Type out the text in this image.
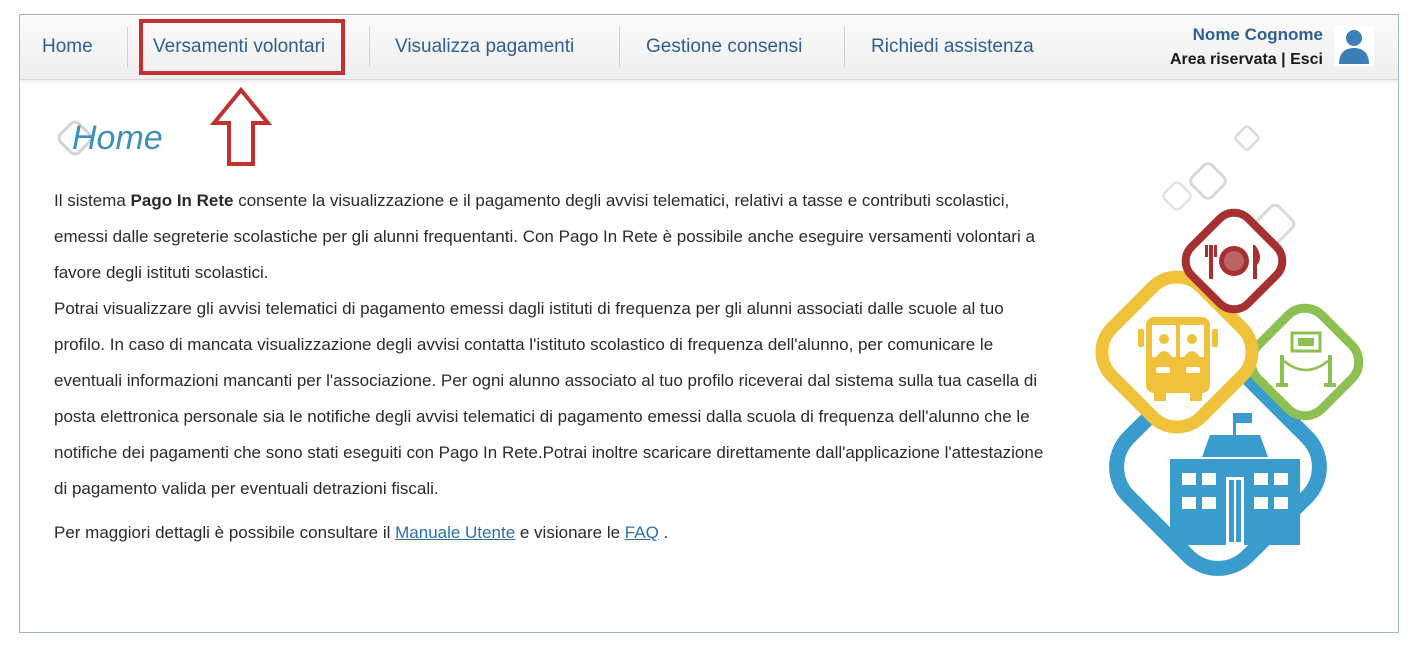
Home	Versamenti volontari	Visualizza pagamenti	Gestione consensi	Richiedi assistenza
Nome Cognome
Area riservata | Esci
Home

Il sistema Pago In Rete consente la visualizzazione e il pagamento degli avvisi telematici, relativi a tasse e contributi scolastici, emessi dalle segreterie scolastiche per gli alunni frequentanti. Con Pago In Rete è possibile anche eseguire versamenti volontari a favore degli istituti scolastici.

Potrai visualizzare gli avvisi telematici di pagamento emessi dagli istituti di frequenza per gli alunni associati dalle scuole al tuo profilo. In caso di mancata visualizzazione degli avvisi contatta l'istituto scolastico di frequenza dell'alunno, per comunicare le eventuali informazioni mancanti per l'associazione. Per ogni alunno associato al tuo profilo riceverai dal sistema sulla tua casella di posta elettronica personale sia le notifiche degli avvisi telematici di pagamento emessi dalla scuola di frequenza dell'alunno che le notifiche dei pagamenti che sono stati eseguiti con Pago In Rete.Potrai inoltre scaricare direttamente dall'applicazione l'attestazione di pagamento valida per eventuali detrazioni fiscali.

Per maggiori dettagli è possibile consultare il Manuale Utente e visionare le FAQ .
